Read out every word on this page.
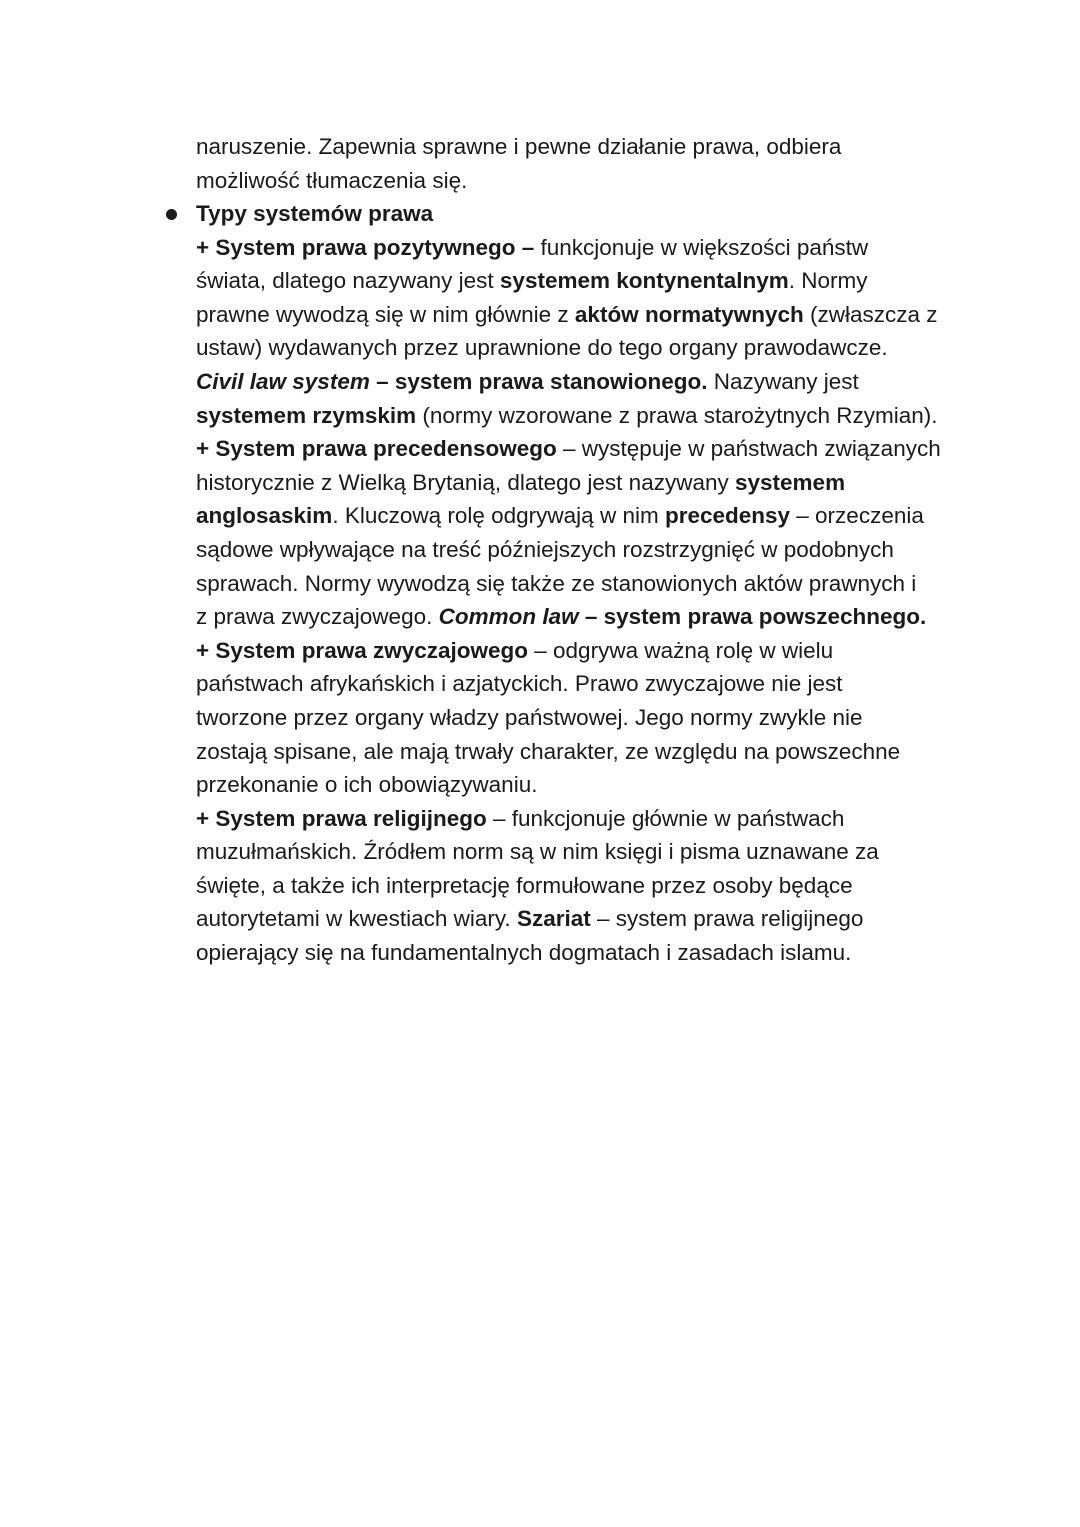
naruszenie. Zapewnia sprawne i pewne działanie prawa, odbiera
możliwość tłumaczenia się.
Typy systemów prawa
+ System prawa pozytywnego – funkcjonuje w większości państw
świata, dlatego nazywany jest systemem kontynentalnym. Normy
prawne wywodzą się w nim głównie z aktów normatywnych (zwłaszcza z
ustaw) wydawanych przez uprawnione do tego organy prawodawcze.
Civil law system – system prawa stanowionego. Nazywany jest
systemem rzymskim (normy wzorowane z prawa starożytnych Rzymian).
+ System prawa precedensowego – występuje w państwach związanych
historycznie z Wielką Brytanią, dlatego jest nazywany systemem
anglosaskim. Kluczową rolę odgrywają w nim precedensy – orzeczenia
sądowe wpływające na treść późniejszych rozstrzygnięć w podobnych
sprawach. Normy wywodzą się także ze stanowionych aktów prawnych i
z prawa zwyczajowego. Common law – system prawa powszechnego.
+ System prawa zwyczajowego – odgrywa ważną rolę w wielu
państwach afrykańskich i azjatyckich. Prawo zwyczajowe nie jest
tworzone przez organy władzy państwowej. Jego normy zwykle nie
zostają spisane, ale mają trwały charakter, ze względu na powszechne
przekonanie o ich obowiązywaniu.
+ System prawa religijnego – funkcjonuje głównie w państwach
muzułmańskich. Źródłem norm są w nim księgi i pisma uznawane za
święte, a także ich interpretację formułowane przez osoby będące
autorytetami w kwestiach wiary. Szariat – system prawa religijnego
opierający się na fundamentalnych dogmatach i zasadach islamu.
